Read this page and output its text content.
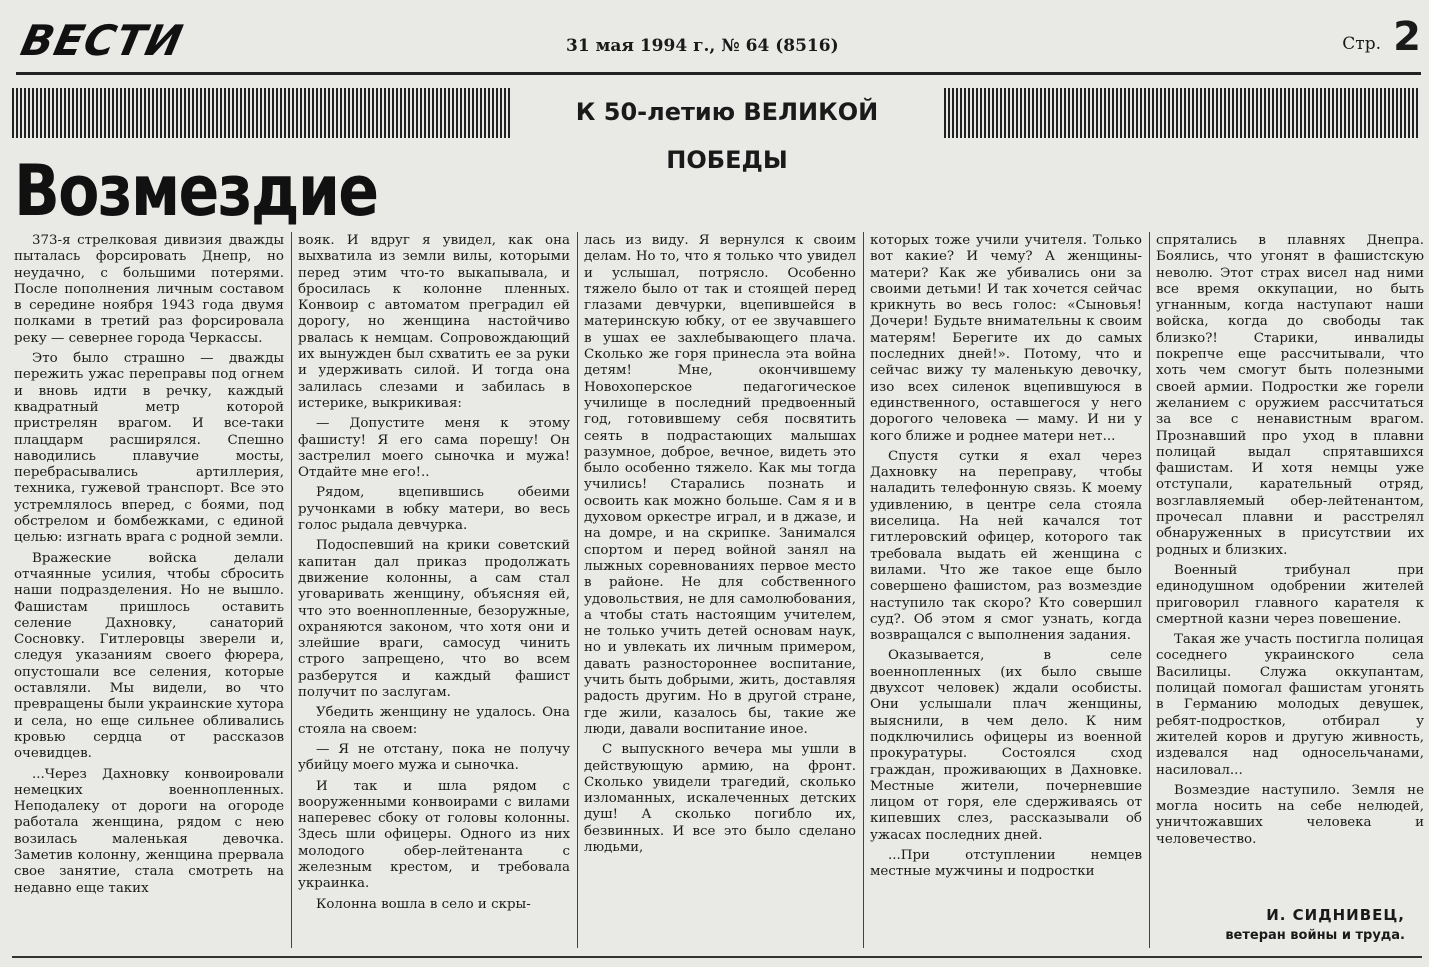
ВЕСТИ	31 мая 1994 г., № 64 (8516)	Стр. 2
К 50-летию ВЕЛИКОЙ ПОБЕДЫ
Возмездие

373-я стрелковая дивизия дважды пыталась форсировать Днепр, но неудачно, с большими потерями. После пополнения личным составом в середине ноября 1943 года двумя полками в третий раз форсировала реку — севернее города Черкассы.

Это было страшно — дважды пережить ужас переправы под огнем и вновь идти в речку, каждый квадратный метр которой пристрелян врагом. И все-таки плацдарм расширялся. Спешно наводились плавучие мосты, перебрасывались артиллерия, техника, гужевой транспорт. Все это устремлялось вперед, с боями, под обстрелом и бомбежками, с единой целью: изгнать врага с родной земли.

Вражеские войска делали отчаянные усилия, чтобы сбросить наши подразделения. Но не вышло. Фашистам пришлось оставить селение Дахновку, санаторий Сосновку. Гитлеровцы зверели и, следуя указаниям своего фюрера, опустошали все селения, которые оставляли. Мы видели, во что превращены были украинские хутора и села, но еще сильнее обливались кровью сердца от рассказов очевидцев.

...Через Дахновку конвоировали немецких военнопленных. Неподалеку от дороги на огороде работала женщина, рядом с нею возилась маленькая девочка. Заметив колонну, женщина прервала свое занятие, стала смотреть на недавно еще таких

вояк. И вдруг я увидел, как она выхватила из земли вилы, которыми перед этим что-то выкапывала, и бросилась к колонне пленных. Конвоир с автоматом преградил ей дорогу, но женщина настойчиво рвалась к немцам. Сопровождающий их вынужден был схватить ее за руки и удерживать силой. И тогда она залилась слезами и забилась в истерике, выкрикивая:

— Допустите меня к этому фашисту! Я его сама порешу! Он застрелил моего сыночка и мужа! Отдайте мне его!..

Рядом, вцепившись обеими ручонками в юбку матери, во весь голос рыдала девчурка.

Подоспевший на крики советский капитан дал приказ продолжать движение колонны, а сам стал уговаривать женщину, объясняя ей, что это военнопленные, безоружные, охраняются законом, что хотя они и злейшие враги, самосуд чинить строго запрещено, что во всем разберутся и каждый фашист получит по заслугам.

Убедить женщину не удалось. Она стояла на своем:

— Я не отстану, пока не получу убийцу моего мужа и сыночка.

И так и шла рядом с вооруженными конвоирами с вилами наперевес сбоку от головы колонны. Здесь шли офицеры. Одного из них молодого обер-лейтенанта с железным крестом, и требовала украинка.

Колонна вошла в село и скры-

лась из виду. Я вернулся к своим делам. Но то, что я только что увидел и услышал, потрясло. Особенно тяжело было от так и стоящей перед глазами девчурки, вцепившейся в материнскую юбку, от ее звучавшего в ушах ее захлебывающего плача. Сколько же горя принесла эта война детям! Мне, окончившему Новохоперское педагогическое училище в последний предвоенный год, готовившему себя посвятить сеять в подрастающих малышах разумное, доброе, вечное, видеть это было особенно тяжело. Как мы тогда учились! Старались познать и освоить как можно больше. Сам я и в духовом оркестре играл, и в джазе, и на домре, и на скрипке. Занимался спортом и перед войной занял на лыжных соревнованиях первое место в районе. Не для собственного удовольствия, не для самолюбования, а чтобы стать настоящим учителем, не только учить детей основам наук, но и увлекать их личным примером, давать разностороннее воспитание, учить быть добрыми, жить, доставляя радость другим. Но в другой стране, где жили, казалось бы, такие же люди, давали воспитание иное.

С выпускного вечера мы ушли в действующую армию, на фронт. Сколько увидели трагедий, сколько изломанных, искалеченных детских душ! А сколько погибло их, безвинных. И все это было сделано людьми,

которых тоже учили учителя. Только вот какие? И чему? А женщины-матери? Как же убивались они за своими детьми! И так хочется сейчас крикнуть во весь голос: «Сыновья! Дочери! Будьте внимательны к своим матерям! Берегите их до самых последних дней!». Потому, что и сейчас вижу ту маленькую девочку, изо всех силенок вцепившуюся в единственного, оставшегося у него дорогого человека — маму. И ни у кого ближе и роднее матери нет...

Спустя сутки я ехал через Дахновку на переправу, чтобы наладить телефонную связь. К моему удивлению, в центре села стояла виселица. На ней качался тот гитлеровский офицер, которого так требовала выдать ей женщина с вилами. Что же такое еще было совершено фашистом, раз возмездие наступило так скоро? Кто совершил суд?. Об этом я смог узнать, когда возвращался с выполнения задания.

Оказывается, в селе военнопленных (их было свыше двухсот человек) ждали особисты. Они услышали плач женщины, выяснили, в чем дело. К ним подключились офицеры из военной прокуратуры. Состоялся сход граждан, проживающих в Дахновке. Местные жители, почерневшие лицом от горя, еле сдерживаясь от кипевших слез, рассказывали об ужасах последних дней.

...При отступлении немцев местные мужчины и подростки

спрятались в плавнях Днепра. Боялись, что угонят в фашистскую неволю. Этот страх висел над ними все время оккупации, но быть угнанным, когда наступают наши войска, когда до свободы так близко?! Старики, инвалиды покрепче еще рассчитывали, что хоть чем смогут быть полезными своей армии. Подростки же горели желанием с оружием рассчитаться за все с ненавистным врагом. Прознавший про уход в плавни полицай выдал спрятавшихся фашистам. И хотя немцы уже отступали, карательный отряд, возглавляемый обер-лейтенантом, прочесал плавни и расстрелял обнаруженных в присутствии их родных и близких.

Военный трибунал при единодушном одобрении жителей приговорил главного карателя к смертной казни через повешение.

Такая же участь постигла полицая соседнего украинского села Василицы. Служа оккупантам, полицай помогал фашистам угонять в Германию молодых девушек, ребят-подростков, отбирал у жителей коров и другую живность, издевался над односельчанами, насиловал...

Возмездие наступило. Земля не могла носить на себе нелюдей, уничтожавших человека и человечество.

И. СИДНИВЕЦ,
ветеран войны и труда.
